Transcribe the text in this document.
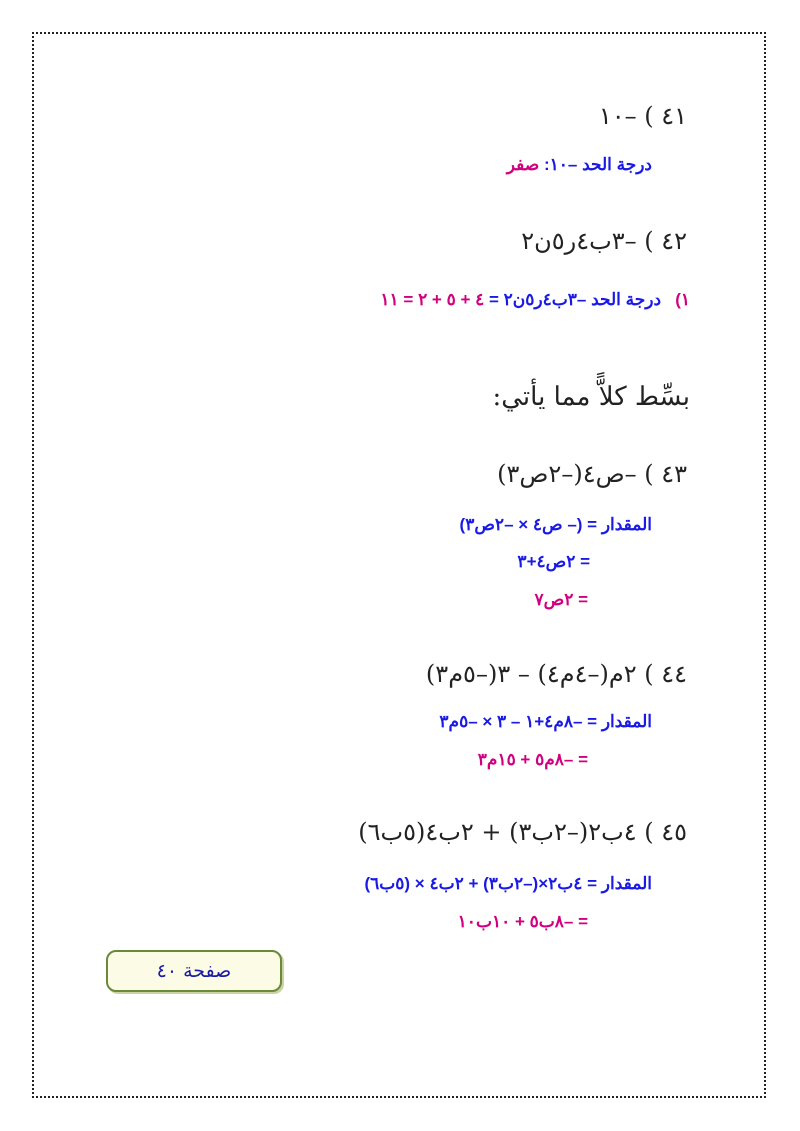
٤١ ) –١٠
درجة الحد –١٠: صفر
٤٢ ) –٣ب٤ر٥ن٢
١)   درجة الحد –٣ب٤ر٥ن٢ = ٤ + ٥ + ٢ = ١١
بسِّط كلاًّ مما يأتي:
٤٣ ) –ص٤(–٢ص٣)
المقدار = (– ص٤ × –٢ص٣)
= ٢ص٤+٣
= ٢ص٧
٤٤ ) ٢م(–٤م٤) – ٣(–٥م٣)
المقدار = –٨م٤+١ – ٣ × –٥م٣
= –٨م٥ + ١٥م٣
٤٥ ) ٤ب٢(–٢ب٣) + ٢ب٤(٥ب٦)
المقدار = ٤ب٢×(–٢ب٣) + ٢ب٤ × (٥ب٦)
= –٨ب٥ + ١٠ب١٠
صفحة ٤٠
